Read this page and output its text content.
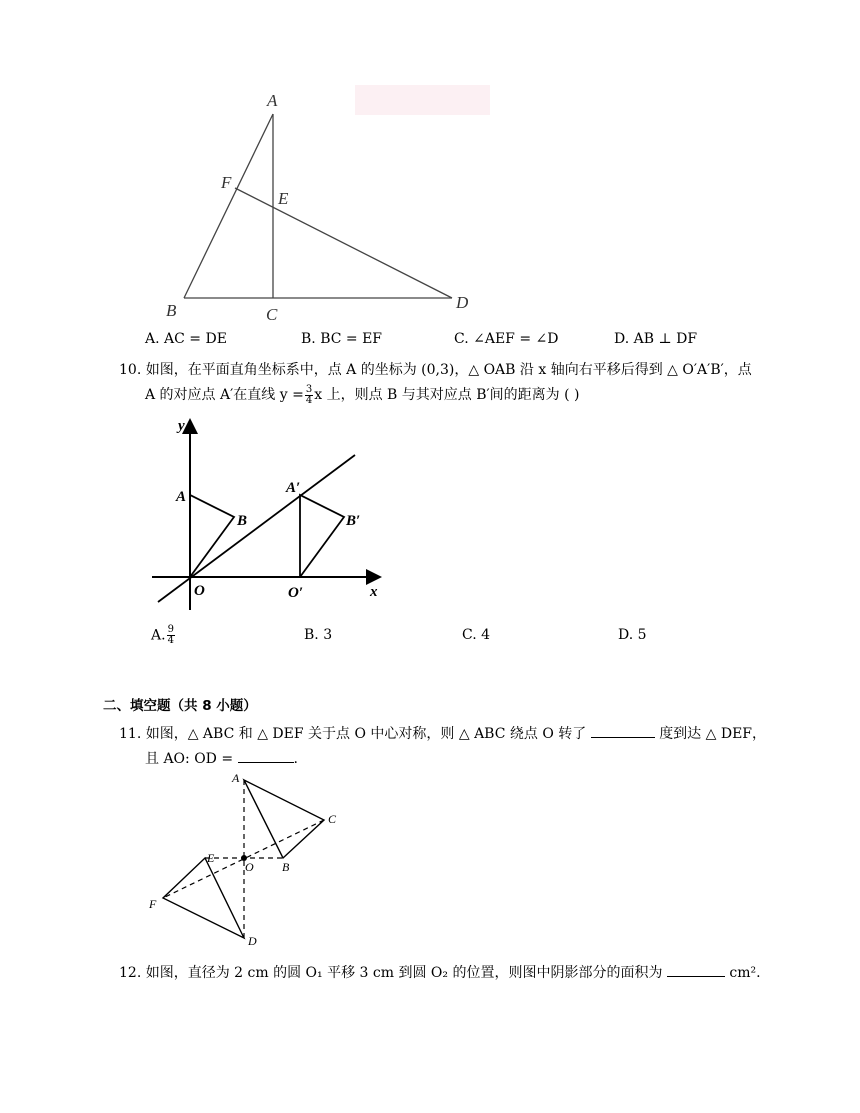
A
F
E
B	C
D
A. AC = DE	B. BC = EF	C. ∠AEF = ∠D	D. AB ⊥ DF
10. 如图，在平面直角坐标系中，点 A 的坐标为 (0,3)，△ OAB 沿 x 轴向右平移后得到 △ O′A′B′，点
A 的对应点 A′在直线 $y = \frac{3}{4}$ x 上，则点 B 与其对应点 B′间的距离为 ( )
y
x
A
B
O
A′
B′
O′
A. $\frac{9}{4}$	B. 3	C. 4	D. 5
二、填空题（共 8 小题）
11. 如图，△ ABC 和 △ DEF 关于点 O 中心对称，则 △ ABC 绕点 O 转了	度到达 △ DEF，
且 AO: OD =	.
A
C
E
O B
F
D
12. 如图，直径为 2 cm 的圆 O₁ 平移 3 cm 到圆 O₂ 的位置，则图中阴影部分的面积为	cm².
